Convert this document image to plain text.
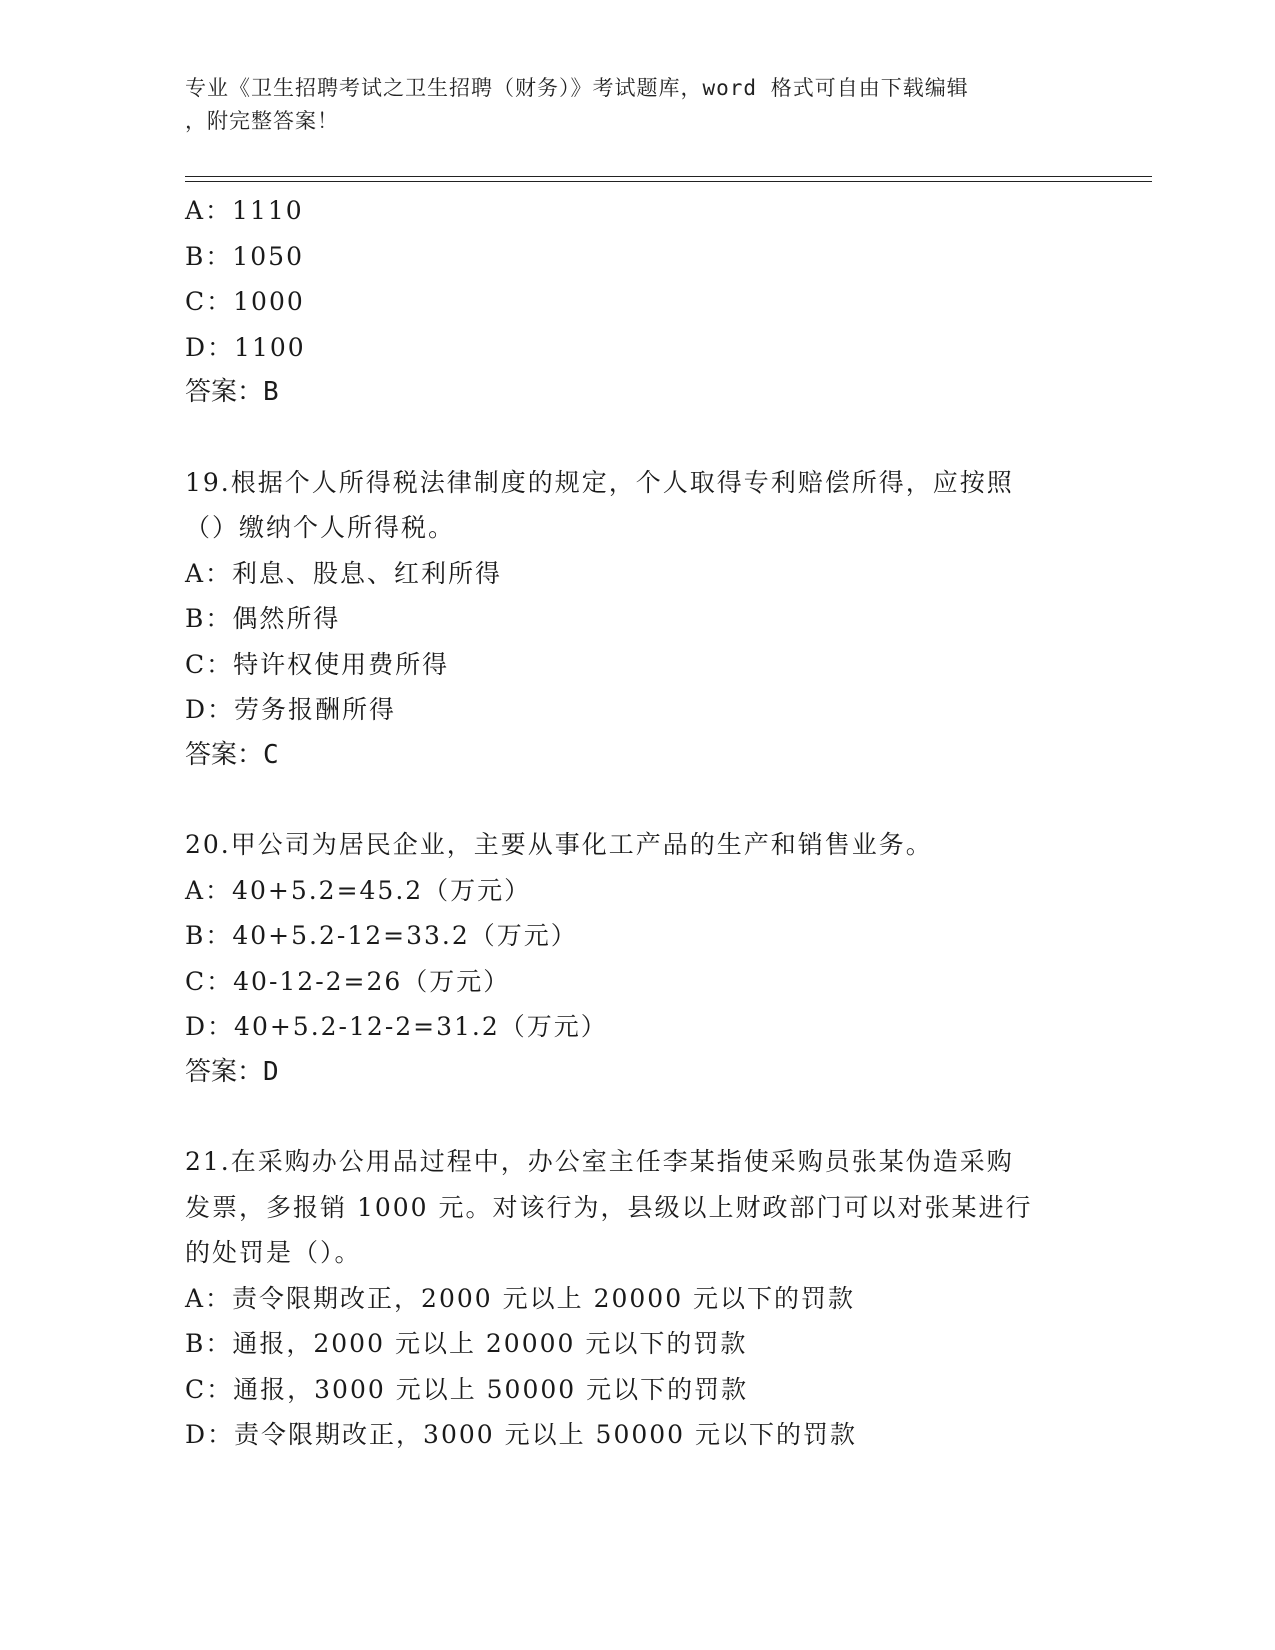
专业《卫生招聘考试之卫生招聘（财务）》考试题库，word 格式可自由下载编辑
，附完整答案！
A：1110
B：1050
C：1000
D：1100
答案：B
19.根据个人所得税法律制度的规定，个人取得专利赔偿所得，应按照
（）缴纳个人所得税。
A：利息、股息、红利所得
B：偶然所得
C：特许权使用费所得
D：劳务报酬所得
答案：C
20.甲公司为居民企业，主要从事化工产品的生产和销售业务。
A：40+5.2=45.2（万元）
B：40+5.2-12=33.2（万元）
C：40-12-2=26（万元）
D：40+5.2-12-2=31.2（万元）
答案：D
21.在采购办公用品过程中，办公室主任李某指使采购员张某伪造采购
发票，多报销 1000 元。对该行为，县级以上财政部门可以对张某进行
的处罚是（）。
A：责令限期改正，2000 元以上 20000 元以下的罚款
B：通报，2000 元以上 20000 元以下的罚款
C：通报，3000 元以上 50000 元以下的罚款
D：责令限期改正，3000 元以上 50000 元以下的罚款
